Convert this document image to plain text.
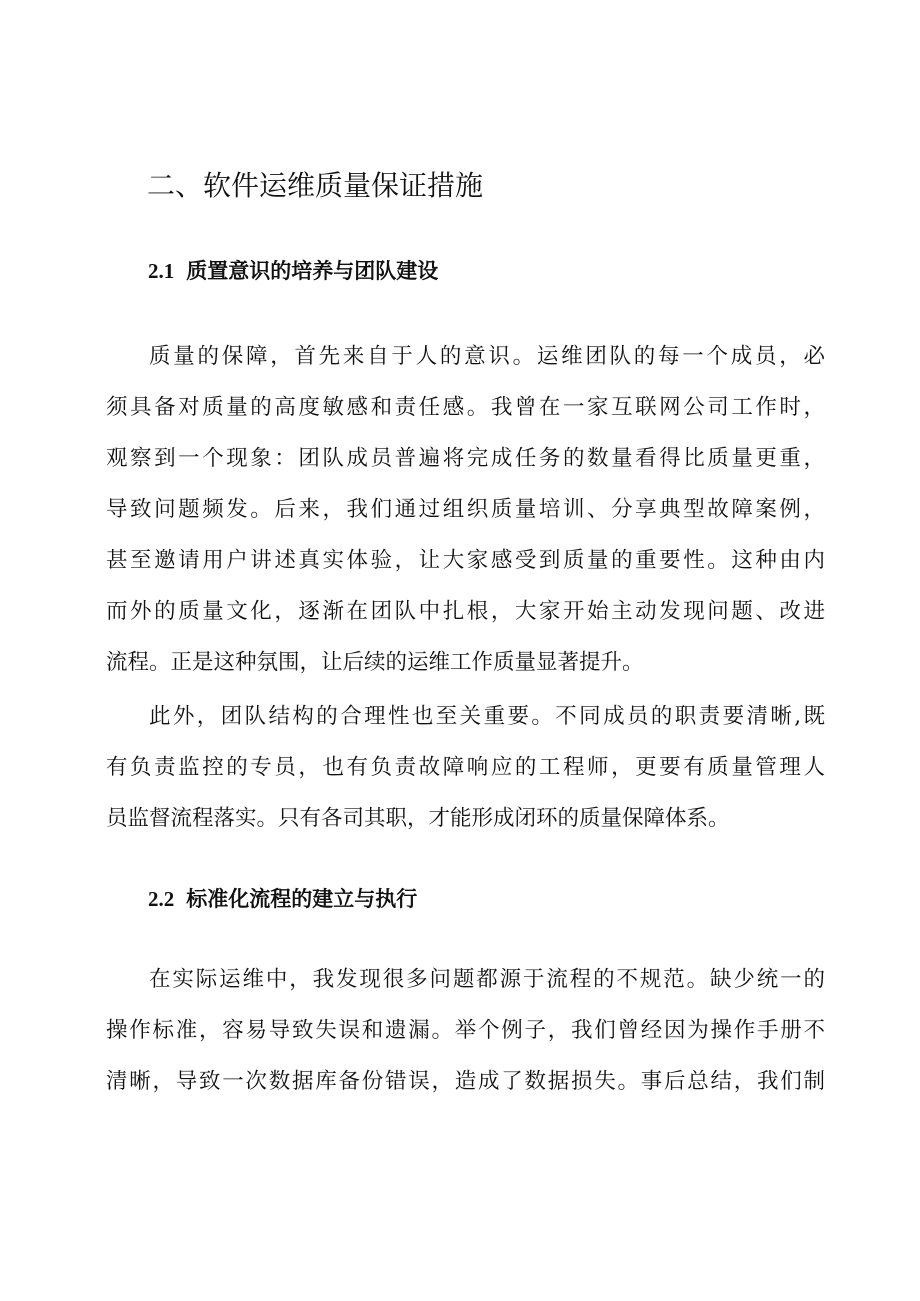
二、软件运维质量保证措施
2.1 质置意识的培养与团队建设
质量的保障，首先来自于人的意识。运维团队的每一个成员，必
须具备对质量的高度敏感和责任感。我曾在一家互联网公司工作时，
观察到一个现象：团队成员普遍将完成任务的数量看得比质量更重，
导致问题频发。后来，我们通过组织质量培训、分享典型故障案例，
甚至邀请用户讲述真实体验，让大家感受到质量的重要性。这种由内
而外的质量文化，逐渐在团队中扎根，大家开始主动发现问题、改进
流程。正是这种氛围，让后续的运维工作质量显著提升。
此外，团队结构的合理性也至关重要。不同成员的职责要清晰,既
有负责监控的专员，也有负责故障响应的工程师，更要有质量管理人
员监督流程落实。只有各司其职，才能形成闭环的质量保障体系。
2.2 标准化流程的建立与执行
在实际运维中，我发现很多问题都源于流程的不规范。缺少统一的
操作标准，容易导致失误和遗漏。举个例子，我们曾经因为操作手册不
清晰，导致一次数据库备份错误，造成了数据损失。事后总结，我们制
